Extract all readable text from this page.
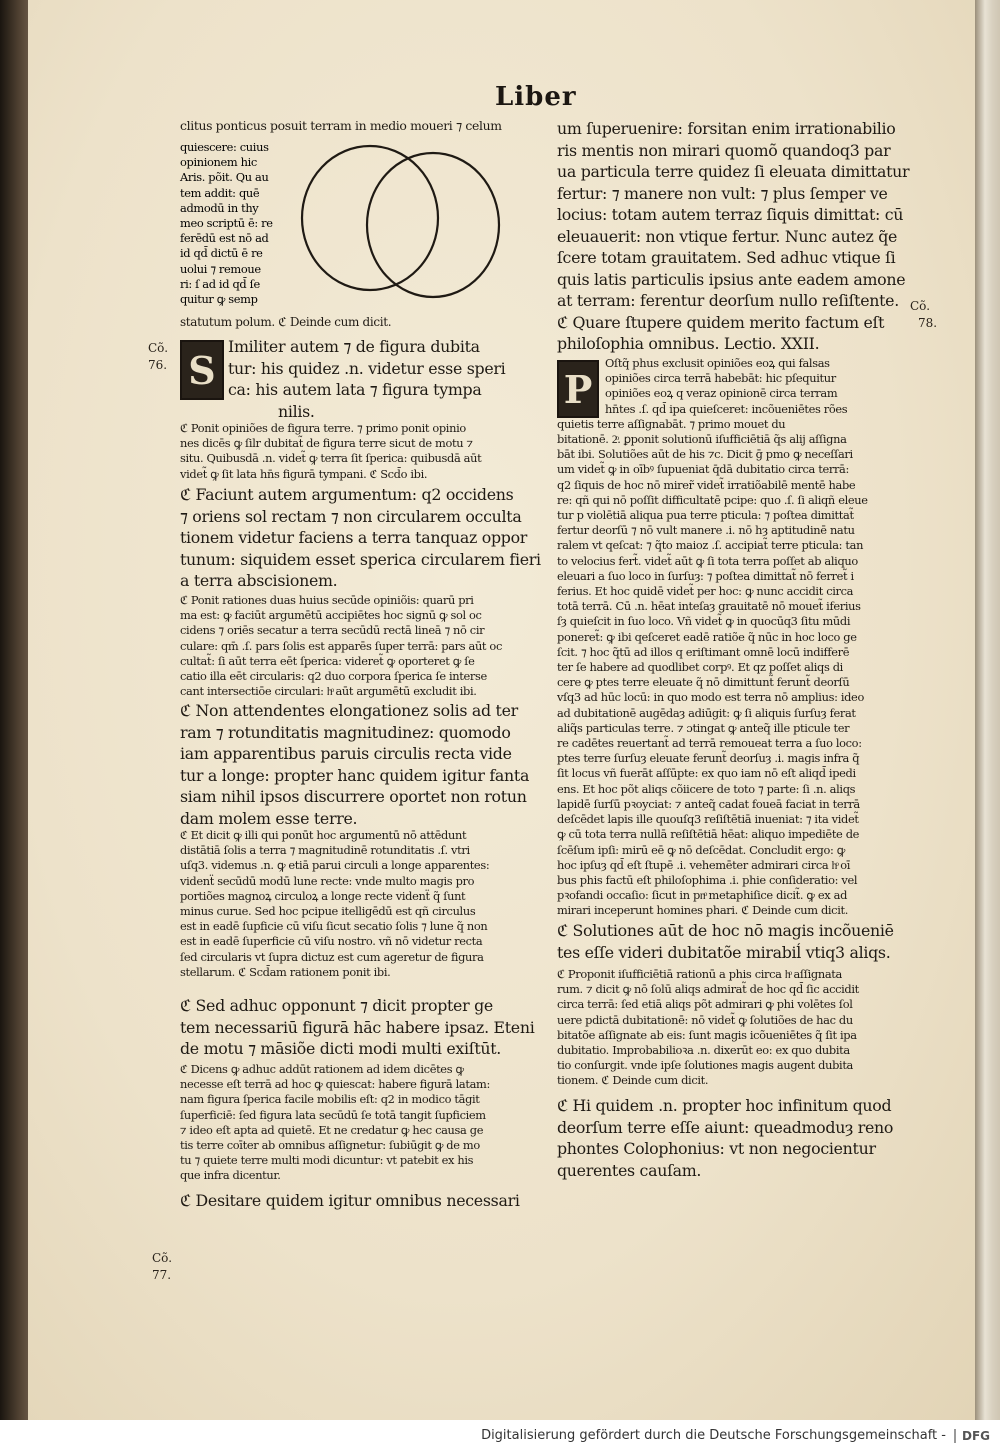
Liber
Cõ.
76.
Cõ.
77.
Cõ.
78.

clitus ponticus posuit terram in medio moueri ⁊ celum

quiescere: cuius

opinionem hic

Aris. põit. Qu au

tem addit: quē

admodū in thy

meo scriptū ē: re

ferēdū est nō ad

id qd̄ dictū ē re

uolui ⁊ remoue

ri: ſ ad id qd̄ ſe

quitur ꝙ semp

statutum polum. ℭ Deinde cum dicit.

S

Imiliter autem ⁊ de figura dubita

tur: his quidez .n. videtur esse speri

ca: his autem lata ⁊ figura tympa

nilis.

ℭ Ponit opiniões de figura terre. ⁊ primo ponit opinio

nes dicēs ꝙ ſilr dubitat̃ de figura terre sicut de motu ⁊

situ. Quibusdā .n. videt̃ ꝙ terra ſit ſperica: quibusdā aūt

videt̃ ꝙ ſit lata hn̄s figurā tympani. ℭ Scd̄o ibi.

ℭ Faciunt autem argumentum: q2 occidens

⁊ oriens sol rectam ⁊ non circularem occulta

tionem videtur faciens a terra tanquaz oppor

tunum: siquidem esset sperica circularem fieri

a terra abscisionem.

ℭ Ponit rationes duas huius secūde opiniõis: quarū pri

ma est: ꝙ faciūt argumētū accipiētes hoc signū ꝙ sol oc

cidens ⁊ oriēs secatur a terra secūdū rectā lineā ⁊ nō cir

culare: qm̄ .ſ. pars ſolis est apparēs ſuper terrā: pars aūt oc

cultat̃: ſi aūt terra eēt ſperica: videret̃ ꝙ oporteret ꝙ ſe

catio illa eēt circularis: q2 duo corpora ſperica ſe interse

cant intersectiōe circulari: hͦ aūt argumētū excludit ibi.

ℭ Non attendentes elongationez solis ad ter

ram ⁊ rotunditatis magnitudinez: quomodo

iam apparentibus paruis circulis recta vide

tur a longe: propter hanc quidem igitur fanta

siam nihil ipsos discurrere oportet non rotun

dam molem esse terre.

ℭ Et dicit ꝙ illi qui ponūt hoc argumentū nō attēdunt

distātiā ſolis a terra ⁊ magnitudinē rotunditatis .ſ. vtri

uſq3. videmus .n. ꝙ etiā parui circuli a longe apparentes:

videnẗ secūdū modū lune recte: vnde multo magis pro

portiões magnoꝝ circuloꝝ a longe recte videnẗ q̃ ſunt

minus curue. Sed hoc pcipue itelligēdū est qñ circulus

est in eadē ſupficie cū viſu ſicut secatio ſolis ⁊ lune q̃ non

est in eadē ſuperficie cū viſu nostro. vñ nō videtur recta

ſed circularis vt ſupra dictuz est cum ageretur de figura

stellarum. ℭ Scd̄am rationem ponit ibi.

ℭ Sed adhuc opponunt ⁊ dicit propter ge

tem necessariū figurā hāc habere ipsaz. Eteni

de motu ⁊ māsiõe dicti modi multi exiſtūt.

ℭ Dicens ꝙ adhuc addūt rationem ad idem dicētes ꝙ

necesse eſt terrā ad hoc ꝙ quiescat: habere figurā latam:

nam figura ſperica facile mobilis eſt: q2 in modico tāgit

ſuperficiē: ſed figura lata secūdū ſe totā tangit ſupficiem

⁊ ideo eſt apta ad quietē. Et ne credatur ꝙ hec causa ge

tis terre coīter ab omnibus aſſignetur: ſubiūgit ꝙ de mo

tu ⁊ quiete terre multi modi dicuntur: vt patebit ex his

que infra dicentur.

ℭ Desitare quidem igitur omnibus necessari

um ſuperuenire: forsitan enim irrationabilio

ris mentis non mirari quomõ quandoq3 par

ua particula terre quidez ſi eleuata dimittatur

fertur: ⁊ manere non vult: ⁊ plus ſemper ve

locius: totam autem terraz ſiquis dimittat: cū

eleuauerit: non vtique fertur. Nunc autez q̃e

ſcere totam grauitatem. Sed adhuc vtique ſi

quis latis particulis ipsius ante eadem amone

at terram: ferentur deorſum nullo reſiſtente.

ℭ Quare ſtupere quidem merito factum eſt

philoſophia omnibus. Lectio. XXII.

P

Oſtq̃ phus exclusit opiniões eoꝝ qui falsas

opiniões circa terrā habebāt: hic pſequitur

opiniões eoꝝ q veraz opinionē circa terram

hn̄tes .ſ. qd̄ ipa quieſceret: incõueniētes rões

quietis terre aſſignabāt. ⁊ primo mouet du

bitationē. 2ͦ. ꝑponit solutionū iſufficiētiā q̃s alij aſſigna

bāt ibi. Solutiões aūt de his ⁊c. Dicit ḡ pmo ꝙ neceſſari

um videt̃ ꝙ in oībꝰ ſupueniat q̄dā dubitatio circa terrā:

q2 ſiquis de hoc nō mirer̃ videt̃ irratiõabilē mentē habe

re: qñ qui nō poſſit difficultatē pcipe: quo .ſ. ſi aliqñ eleue

tur p violētiā aliqua pua terre pticula: ⁊ poſtea dimittat̃

fertur deorſū ⁊ nō vult manere .i. nō hȝ aptitudinē natu

ralem vt qeſcat: ⁊ q̃to maioz .ſ. accipiat̃ terre pticula: tan

to velocius fert̃. videt̃ aūt ꝙ ſi tota terra poſſet ab aliquo

eleuari a ſuo loco in ſurſuȝ: ⁊ poſtea dimittat̃ nō ferret̃ i

ferius. Et hoc quidē videt̃ per hoc: ꝙ nunc accidit circa

totā terrā. Cū .n. hēat inteſaȝ grauitatē nō mouet̃ iferius

ſȝ quieſcit in ſuo loco. Vñ videt̃ ꝙ in quocūq3 ſitu mūdi

poneret̃: ꝙ ibi qeſceret eadē ratiõe q̃ nūc in hoc loco ge

ſcit. ⁊ hoc q̃tū ad illos q eriſtimant omnē locū indifferē

ter ſe habere ad quodlibet corpꝰ. Et qz poſſet aliqs di

cere ꝙ ptes terre eleuate q̃ nō dimittunt̃ ferunt̃ deorſū

vſq3 ad hūc locū: in quo modo est terra nō amplius: ideo

ad dubitationē augēdaȝ adiūgit: ꝙ ſi aliquis ſurſuȝ ferat

aliq̃s particulas terre. ⁊ ɔtingat ꝙ anteq̃ ille pticule ter

re cadētes reuertant̃ ad terrā remoueat terra a ſuo loco:

ptes terre ſurſuȝ eleuate ferunt̃ deorſuȝ .i. magis infra q̃

ſit locus vñ fuerāt aſſūpte: ex quo iam nō eſt aliqd̄ ipedi

ens. Et hoc põt aliqs cõiicere de toto ⁊ parte: ſi .n. aliqs

lapidē ſurſū pꝛoyciat: ⁊ anteq̃ cadat foueā faciat in terrā

deſcēdet lapis ille quouſq3 reſiſtētiā inueniat: ⁊ ita videt̃

ꝙ cū tota terra nullā reſiſtētiā hēat: aliquo impediēte de

ſcēſum ipſi: mirū eē ꝙ nō deſcēdat. Concludit ergo: ꝙ

hoc ipſuȝ qd̄ eſt ſtupē .i. vehemēter admirari circa hͦ oī

bus phis factū eſt philoſophima .i. phie conſideratio: vel

pꝛofandi occaſio: ſicut in pnͦ metaphiſice dicit̃. ꝙ ex ad

mirari inceperunt homines phari. ℭ Deinde cum dicit.

ℭ Solutiones aūt de hoc nō magis incõueniē

tes eſſe videri dubitatõe mirabiĺ vtiq3 aliqs.

ℭ Proponit iſufficiētiā rationū a phis circa hͦ aſſignata

rum. ⁊ dicit ꝙ nō ſolū aliqs admirat̃ de hoc qd̄ ſic accidit

circa terrā: ſed etiā aliqs põt admirari ꝙ phi volētes ſol

uere pdictā dubitationē: nō videt̃ ꝙ ſolutiões de hac du

bitatõe aſſignate ab eis: ſunt magis icõueniētes q̃ ſit ipa

dubitatio. Improbabilioꝛa .n. dixerūt eo: ex quo dubita

tio conſurgit. vnde ipſe ſolutiones magis augent dubita

tionem. ℭ Deinde cum dicit.

ℭ Hi quidem .n. propter hoc infinitum quod

deorſum terre eſſe aiunt: queadmoduȝ reno

phontes Colophonius: vt non negocientur

querentes cauſam.

Digitalisierung gefördert durch die Deutsche Forschungsgemeinschaft -	DFG
